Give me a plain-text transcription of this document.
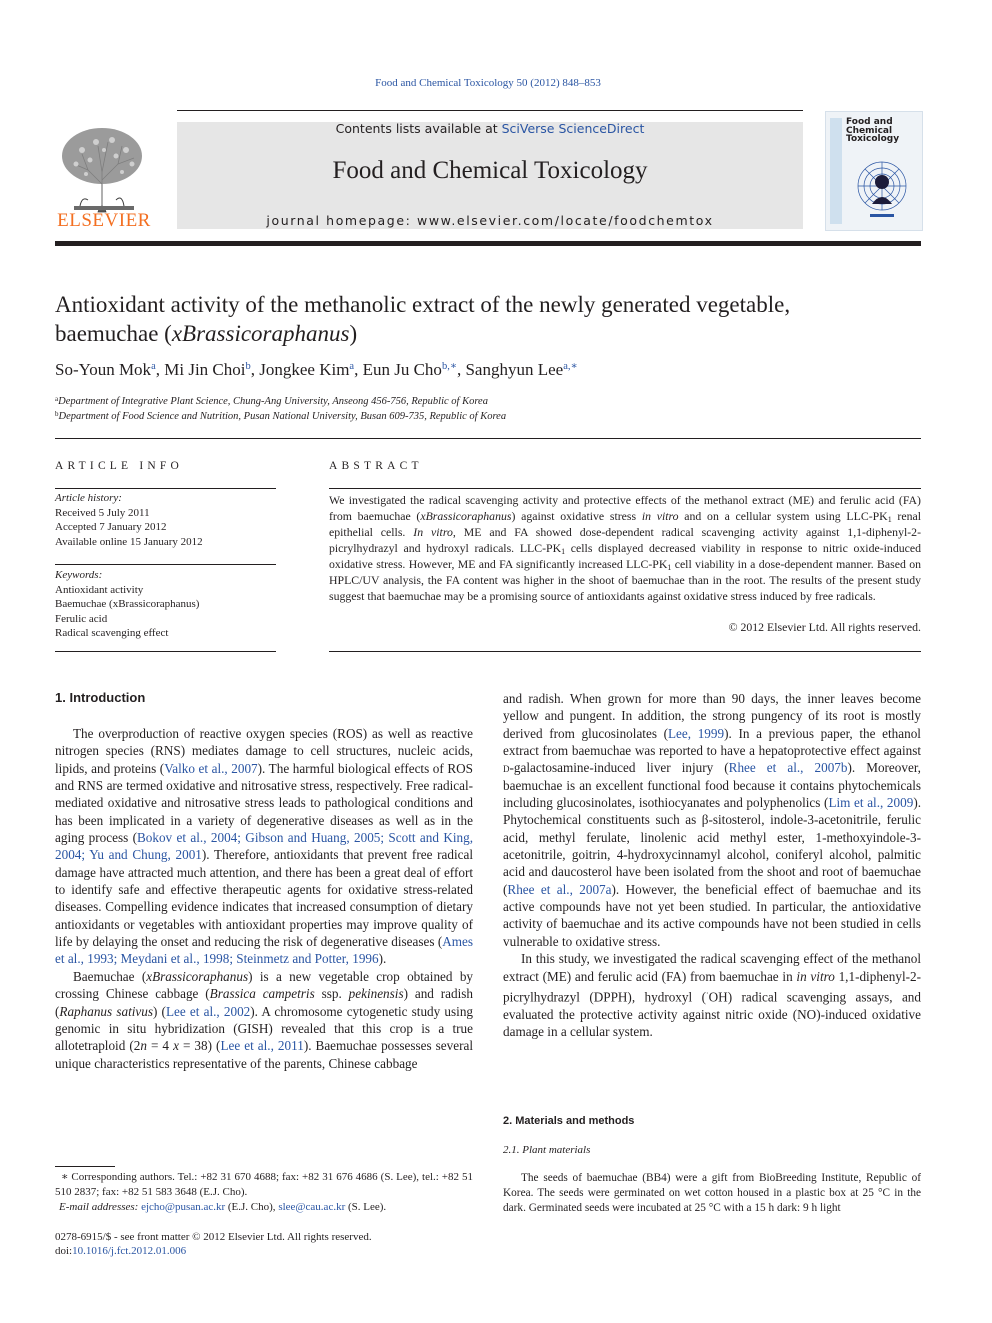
Food and Chemical Toxicology 50 (2012) 848–853
ELSEVIER
Contents lists available at SciVerse ScienceDirect
Food and Chemical Toxicology
journal homepage: www.elsevier.com/locate/foodchemtox
Food and
Chemical
Toxicology
Antioxidant activity of the methanolic extract of the newly generated vegetable,
baemuchae (xBrassicoraphanus)
So-Youn Mok$^a$, Mi Jin Choi$^b$, Jongkee Kim$^a$, Eun Ju Cho$^{b,∗}$, Sanghyun Lee$^{a,∗}$
$^a$Department of Integrative Plant Science, Chung-Ang University, Anseong 456-756, Republic of Korea
$^b$Department of Food Science and Nutrition, Pusan National University, Busan 609-735, Republic of Korea
ARTICLE INFO
Article history:
Received 5 July 2011
Accepted 7 January 2012
Available online 15 January 2012
Keywords:
Antioxidant activity
Baemuchae (xBrassicoraphanus)
Ferulic acid
Radical scavenging effect
ABSTRACT
We investigated the radical scavenging activity and protective effects of the methanol extract (ME) and ferulic acid (FA) from baemuchae (xBrassicoraphanus) against oxidative stress in vitro and on a cellular system using LLC-$PK_1$ renal epithelial cells. In vitro, ME and FA showed dose-dependent radical scavenging activity against 1,1-diphenyl-2-picrylhydrazyl and hydroxyl radicals. LLC-$PK_1$ cells displayed decreased viability in response to nitric oxide-induced oxidative stress. However, ME and FA significantly increased LLC-$PK_1$ cell viability in a dose-dependent manner. Based on HPLC/UV analysis, the FA content was higher in the shoot of baemuchae than in the root. The results of the present study suggest that baemuchae may be a promising source of antioxidants against oxidative stress induced by free radicals.
© 2012 Elsevier Ltd. All rights reserved.
1. Introduction

The overproduction of reactive oxygen species (ROS) as well as reactive nitrogen species (RNS) mediates damage to cell structures, nucleic acids, lipids, and proteins (Valko et al., 2007). The harmful biological effects of ROS and RNS are termed oxidative and nitrosative stress, respectively. Free radical-mediated oxidative and nitrosative stress leads to pathological conditions and has been implicated in a variety of degenerative diseases as well as in the aging process (Bokov et al., 2004; Gibson and Huang, 2005; Scott and King, 2004; Yu and Chung, 2001). Therefore, antioxidants that prevent free radical damage have attracted much attention, and there has been a great deal of effort to identify safe and effective therapeutic agents for oxidative stress-related diseases. Compelling evidence indicates that increased consumption of dietary antioxidants or vegetables with antioxidant properties may improve quality of life by delaying the onset and reducing the risk of degenerative diseases (Ames et al., 1993; Meydani et al., 1998; Steinmetz and Potter, 1996).

Baemuchae (xBrassicoraphanus) is a new vegetable crop obtained by crossing Chinese cabbage (Brassica campetris ssp. pekinensis) and radish (Raphanus sativus) (Lee et al., 2002). A chromosome cytogenetic study using genomic in situ hybridization (GISH) revealed that this crop is a true allotetraploid (2n = 4 x = 38) (Lee et al., 2011). Baemuchae possesses several unique characteristics representative of the parents, Chinese cabbage

and radish. When grown for more than 90 days, the inner leaves become yellow and pungent. In addition, the strong pungency of its root is mostly derived from glucosinolates (Lee, 1999). In a previous paper, the ethanol extract from baemuchae was reported to have a hepatoprotective effect against d-galactosamine-induced liver injury (Rhee et al., 2007b). Moreover, baemuchae is an excellent functional food because it contains phytochemicals including glucosinolates, isothiocyanates and polyphenolics (Lim et al., 2009). Phytochemical constituents such as β-sitosterol, indole-3-acetonitrile, ferulic acid, methyl ferulate, linolenic acid methyl ester, 1-methoxyindole-3-acetonitrile, goitrin, 4-hydroxycinnamyl alcohol, coniferyl alcohol, palmitic acid and daucosterol have been isolated from the shoot and root of baemuchae (Rhee et al., 2007a). However, the beneficial effect of baemuchae and its active compounds have not yet been studied. In particular, the antioxidative activity of baemuchae and its active compounds have not been studied in cells vulnerable to oxidative stress.

In this study, we investigated the radical scavenging effect of the methanol extract (ME) and ferulic acid (FA) from baemuchae in in vitro 1,1-diphenyl-2-picrylhydrazyl (DPPH), hydroxyl (·OH) radical scavenging assays, and evaluated the protective activity against nitric oxide (NO)-induced oxidative damage in a cellular system.

2. Materials and methods
2.1. Plant materials

The seeds of baemuchae (BB4) were a gift from BioBreeding Institute, Republic of Korea. The seeds were germinated on wet cotton housed in a plastic box at 25 °C in the dark. Germinated seeds were incubated at 25 °C with a 15 h dark: 9 h light

∗ Corresponding authors. Tel.: +82 31 670 4688; fax: +82 31 676 4686 (S. Lee), tel.: +82 51 510 2837; fax: +82 51 583 3648 (E.J. Cho).

E-mail addresses: ejcho@pusan.ac.kr (E.J. Cho), slee@cau.ac.kr (S. Lee).

0278-6915/$ - see front matter © 2012 Elsevier Ltd. All rights reserved.
doi:10.1016/j.fct.2012.01.006
